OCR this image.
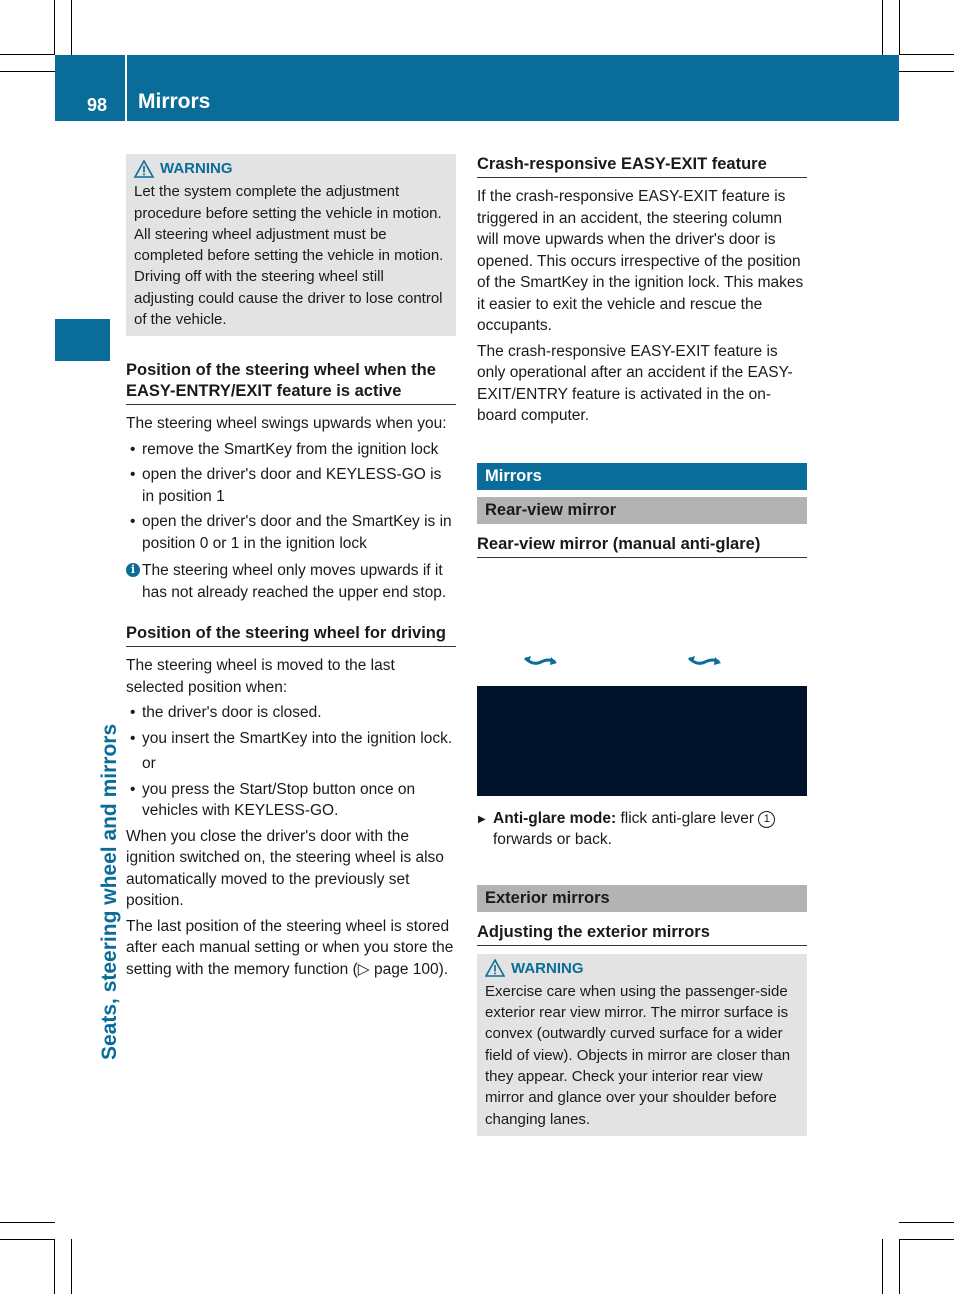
98 Mirrors
Seats, steering wheel and mirrors
WARNING
Let the system complete the adjustment procedure before setting the vehicle in motion. All steering wheel adjustment must be completed before setting the vehicle in motion. Driving off with the steering wheel still adjusting could cause the driver to lose control of the vehicle.
Position of the steering wheel when the EASY-ENTRY/EXIT feature is active

The steering wheel swings upwards when you:

• remove the SmartKey from the ignition lock
• open the driver's door and KEYLESS-GO is in position 1
• open the driver's door and the SmartKey is in position 0 or 1 in the ignition lock
i The steering wheel only moves upwards if it has not already reached the upper end stop.
Position of the steering wheel for driving

The steering wheel is moved to the last selected position when:

• the driver's door is closed.
• you insert the SmartKey into the ignition lock.
or
• you press the Start/Stop button once on vehicles with KEYLESS-GO.

When you close the driver's door with the ignition switched on, the steering wheel is also automatically moved to the previously set position.

The last position of the steering wheel is stored after each manual setting or when you store the setting with the memory function (▷ page 100).

Crash-responsive EASY-EXIT feature

If the crash-responsive EASY-EXIT feature is triggered in an accident, the steering column will move upwards when the driver's door is opened. This occurs irrespective of the position of the SmartKey in the ignition lock. This makes it easier to exit the vehicle and rescue the occupants.

The crash-responsive EASY-EXIT feature is only operational after an accident if the EASY-EXIT/ENTRY feature is activated in the on-board computer.

Mirrors
Rear-view mirror
Rear-view mirror (manual anti-glare)
▶ Anti-glare mode: flick anti-glare lever 1 forwards or back.
Exterior mirrors
Adjusting the exterior mirrors
WARNING
Exercise care when using the passenger-side exterior rear view mirror. The mirror surface is convex (outwardly curved surface for a wider field of view). Objects in mirror are closer than they appear. Check your interior rear view mirror and glance over your shoulder before changing lanes.
